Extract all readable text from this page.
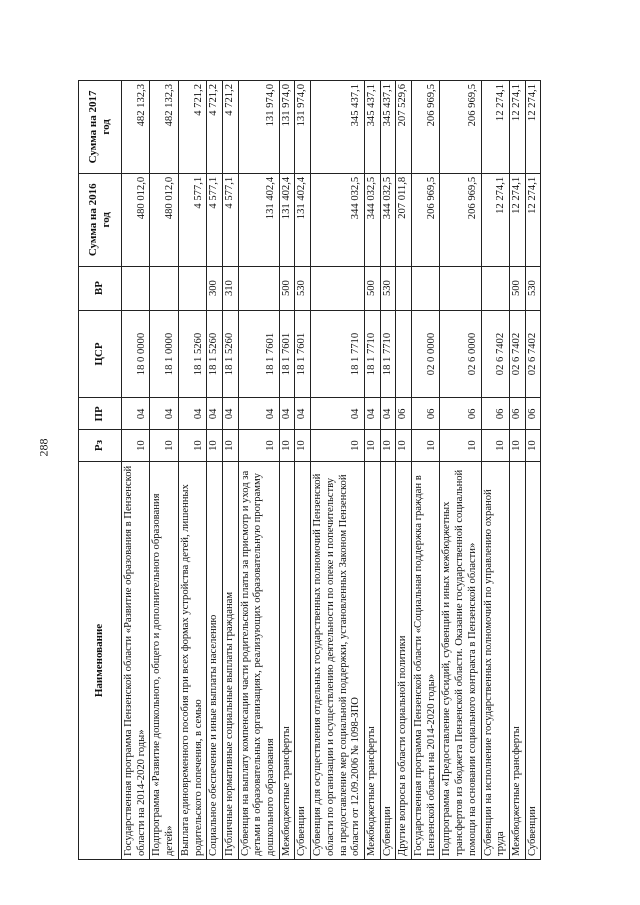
288
Наименование	Рз	ПР	ЦСР	ВР	Сумма на 2016 год	Сумма на 2017 год
Государственная программа Пензенской области «Развитие образования в Пензенской области на 2014-2020 годы»	10	04	18 0 0000		480 012,0	482 132,3
Подпрограмма «Развитие дошкольного, общего и дополнительного образования детей»	10	04	18 1 0000		480 012,0	482 132,3
Выплата единовременного пособия при всех формах устройства детей, лишенных родительского попечения, в семью	10	04	18 1 5260		4 577,1	4 721,2
Социальное обеспечение и иные выплаты населению	10	04	18 1 5260	300	4 577,1	4 721,2
Публичные нормативные социальные выплаты гражданам	10	04	18 1 5260	310	4 577,1	4 721,2
Субвенция на выплату компенсации части родительской платы за присмотр и уход за детьми в образовательных организациях, реализующих образовательную программу дошкольного образования	10	04	18 1 7601		131 402,4	131 974,0
Межбюджетные трансферты	10	04	18 1 7601	500	131 402,4	131 974,0
Субвенции	10	04	18 1 7601	530	131 402,4	131 974,0
Субвенция для осуществления отдельных государственных полномочий Пензенской области по организации и осуществлению деятельности по опеке и попечительству на предоставление мер социальной поддержки, установленных Законом Пензенской области от 12.09.2006 № 1098-ЗПО	10	04	18 1 7710		344 032,5	345 437,1
Межбюджетные трансферты	10	04	18 1 7710	500	344 032,5	345 437,1
Субвенции	10	04	18 1 7710	530	344 032,5	345 437,1
Другие вопросы в области социальной политики	10	06			207 011,8	207 529,6
Государственная программа Пензенской области «Социальная поддержка граждан в Пензенской области на 2014-2020 годы»	10	06	02 0 0000		206 969,5	206 969,5
Подпрограмма «Предоставление субсидий, субвенций и иных межбюджетных трансфертов из бюджета Пензенской области. Оказание государственной социальной помощи на основании социального контракта в Пензенской области»	10	06	02 6 0000		206 969,5	206 969,5
Субвенции на исполнение государственных полномочий по управлению охраной труда	10	06	02 6 7402		12 274,1	12 274,1
Межбюджетные трансферты	10	06	02 6 7402	500	12 274,1	12 274,1
Субвенции	10	06	02 6 7402	530	12 274,1	12 274,1
